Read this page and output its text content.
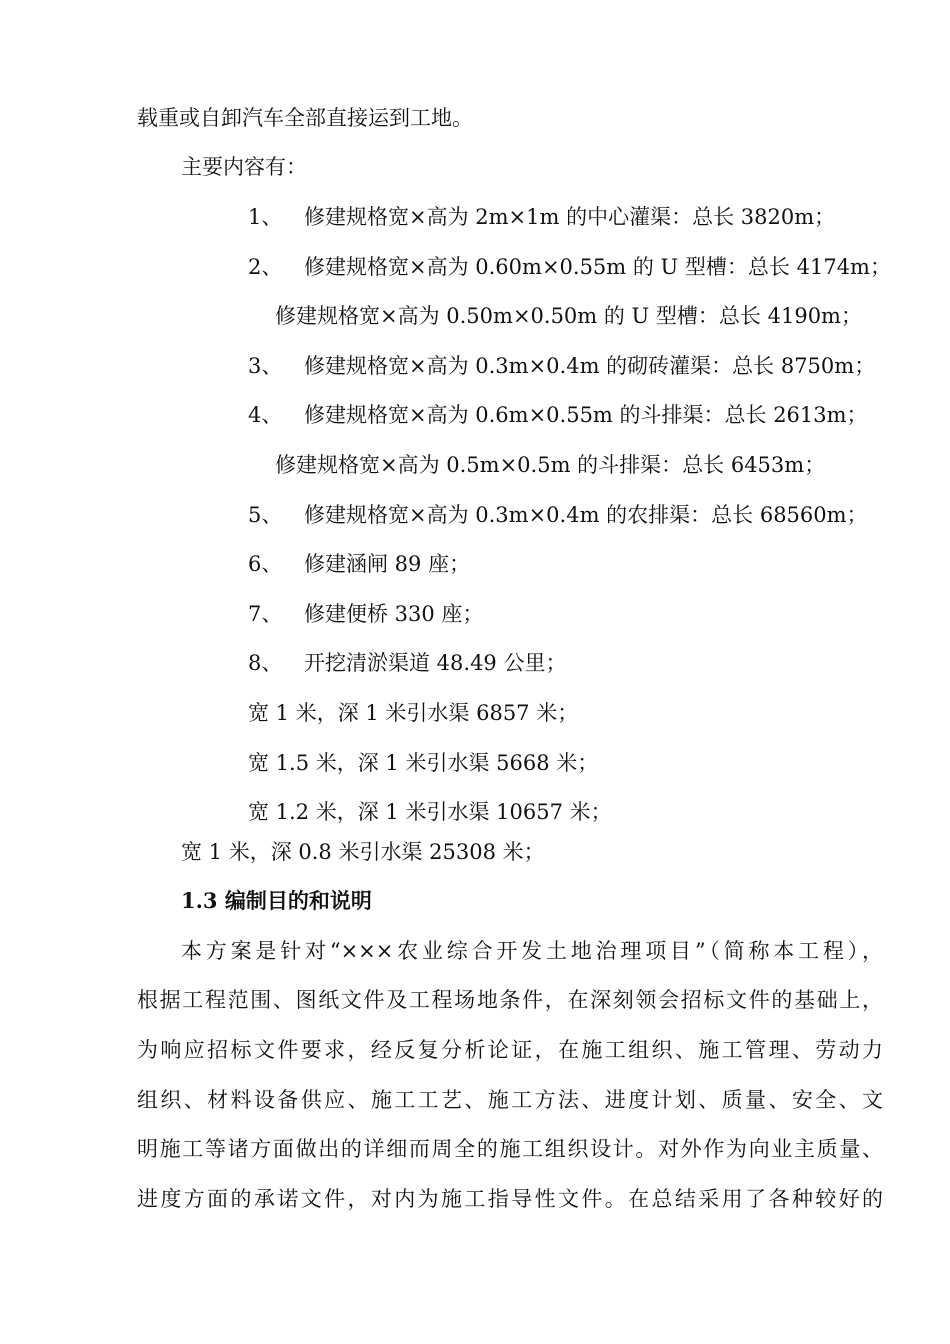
载重或自卸汽车全部直接运到工地。
主要内容有：
1、 修建规格宽×高为 2m×1m 的中心灌渠：总长 3820m；
2、 修建规格宽×高为 0.60m×0.55m 的 U 型槽：总长 4174m；
修建规格宽×高为 0.50m×0.50m 的 U 型槽：总长 4190m；
3、 修建规格宽×高为 0.3m×0.4m 的砌砖灌渠：总长 8750m；
4、 修建规格宽×高为 0.6m×0.55m 的斗排渠：总长 2613m；
修建规格宽×高为 0.5m×0.5m 的斗排渠：总长 6453m；
5、 修建规格宽×高为 0.3m×0.4m 的农排渠：总长 68560m；
6、 修建涵闸 89 座；
7、 修建便桥 330 座；
8、 开挖清淤渠道 48.49 公里；
宽 1 米，深 1 米引水渠 6857 米；
宽 1.5 米，深 1 米引水渠 5668 米；
宽 1.2 米，深 1 米引水渠 10657 米；
宽 1 米，深 0.8 米引水渠 25308 米；
1.3 编制目的和说明
本方案是针对“×××农业综合开发土地治理项目”（简称本工程），
根据工程范围、图纸文件及工程场地条件，在深刻领会招标文件的基础上，
为响应招标文件要求，经反复分析论证，在施工组织、施工管理、劳动力
组织、材料设备供应、施工工艺、施工方法、进度计划、质量、安全、文
明施工等诸方面做出的详细而周全的施工组织设计。对外作为向业主质量、
进度方面的承诺文件，对内为施工指导性文件。在总结采用了各种较好的
